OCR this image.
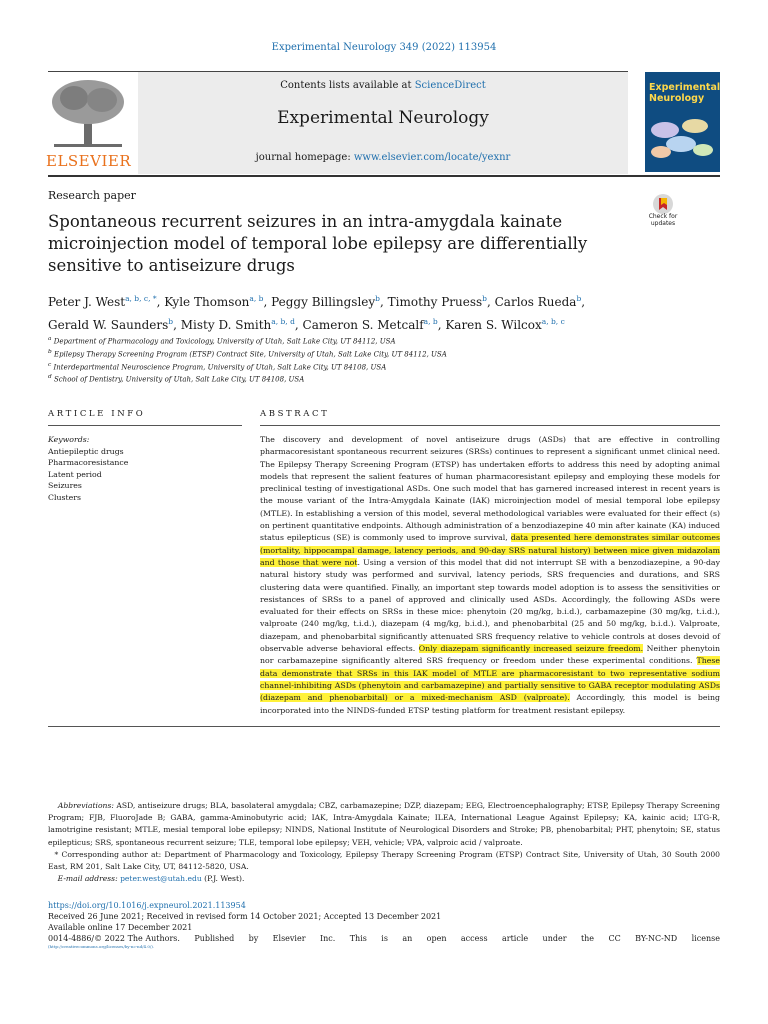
Experimental Neurology 349 (2022) 113954
ELSEVIER
Contents lists available at ScienceDirect
Experimental Neurology
journal homepage: www.elsevier.com/locate/yexnr
Experimental Neurology
Check for updates
Research paper
Spontaneous recurrent seizures in an intra-amygdala kainate microinjection model of temporal lobe epilepsy are differentially sensitive to antiseizure drugs
Peter J. West$^{a, b, c, *}$, Kyle Thomson$^{a, b}$, Peggy Billingsley$^b$, Timothy Pruess$^b$, Carlos Rueda$^b$,
Gerald W. Saunders$^b$, Misty D. Smith$^{a, b, d}$, Cameron S. Metcalf$^{a, b}$, Karen S. Wilcox$^{a, b, c}$
$^a$ Department of Pharmacology and Toxicology, University of Utah, Salt Lake City, UT 84112, USA
$^b$ Epilepsy Therapy Screening Program (ETSP) Contract Site, University of Utah, Salt Lake City, UT 84112, USA
$^c$ Interdepartmental Neuroscience Program, University of Utah, Salt Lake City, UT 84108, USA
$^d$ School of Dentistry, University of Utah, Salt Lake City, UT 84108, USA
ARTICLE INFO	ABSTRACT
Keywords:
Antiepileptic drugs
Pharmacoresistance
Latent period
Seizures
Clusters
The discovery and development of novel antiseizure drugs (ASDs) that are effective in controlling pharmacoresistant spontaneous recurrent seizures (SRSs) continues to represent a significant unmet clinical need. The Epilepsy Therapy Screening Program (ETSP) has undertaken efforts to address this need by adopting animal models that represent the salient features of human pharmacoresistant epilepsy and employing these models for preclinical testing of investigational ASDs. One such model that has garnered increased interest in recent years is the mouse variant of the Intra-Amygdala Kainate (IAK) microinjection model of mesial temporal lobe epilepsy (MTLE). In establishing a version of this model, several methodological variables were evaluated for their effect (s) on pertinent quantitative endpoints. Although administration of a benzodiazepine 40 min after kainate (KA) induced status epilepticus (SE) is commonly used to improve survival, data presented here demonstrates similar outcomes (mortality, hippocampal damage, latency periods, and 90-day SRS natural history) between mice given midazolam and those that were not. Using a version of this model that did not interrupt SE with a benzodiazepine, a 90-day natural history study was performed and survival, latency periods, SRS frequencies and durations, and SRS clustering data were quantified. Finally, an important step towards model adoption is to assess the sensitivities or resistances of SRSs to a panel of approved and clinically used ASDs. Accordingly, the following ASDs were evaluated for their effects on SRSs in these mice: phenytoin (20 mg/kg, b.i.d.), carbamazepine (30 mg/kg, t.i.d.), valproate (240 mg/kg, t.i.d.), diazepam (4 mg/kg, b.i.d.), and phenobarbital (25 and 50 mg/kg, b.i.d.). Valproate, diazepam, and phenobarbital significantly attenuated SRS frequency relative to vehicle controls at doses devoid of observable adverse behavioral effects. Only diazepam significantly increased seizure freedom. Neither phenytoin nor carbamazepine significantly altered SRS frequency or freedom under these experimental conditions. These data demonstrate that SRSs in this IAK model of MTLE are pharmacoresistant to two representative sodium channel-inhibiting ASDs (phenytoin and carbamazepine) and partially sensitive to GABA receptor modulating ASDs (diazepam and phenobarbital) or a mixed-mechanism ASD (valproate). Accordingly, this model is being incorporated into the NINDS-funded ETSP testing platform for treatment resistant epilepsy.
Abbreviations: ASD, antiseizure drugs; BLA, basolateral amygdala; CBZ, carbamazepine; DZP, diazepam; EEG, Electroencephalography; ETSP, Epilepsy Therapy Screening Program; FJB, FluoroJade B; GABA, gamma-Aminobutyric acid; IAK, Intra-Amygdala Kainate; ILEA, International League Against Epilepsy; KA, kainic acid; LTG-R, lamotrigine resistant; MTLE, mesial temporal lobe epilepsy; NINDS, National Institute of Neurological Disorders and Stroke; PB, phenobarbital; PHT, phenytoin; SE, status epilepticus; SRS, spontaneous recurrent seizure; TLE, temporal lobe epilepsy; VEH, vehicle; VPA, valproic acid / valproate.
* Corresponding author at: Department of Pharmacology and Toxicology, Epilepsy Therapy Screening Program (ETSP) Contract Site, University of Utah, 30 South 2000 East, RM 201, Salt Lake City, UT, 84112-5820, USA.
E-mail address: peter.west@utah.edu (P.J. West).
https://doi.org/10.1016/j.expneurol.2021.113954
Received 26 June 2021; Received in revised form 14 October 2021; Accepted 13 December 2021
Available online 17 December 2021
0014-4886/© 2022 The Authors. Published by Elsevier Inc. This is an open access article under the CC BY-NC-ND license
(http://creativecommons.org/licenses/by-nc-nd/4.0/).
